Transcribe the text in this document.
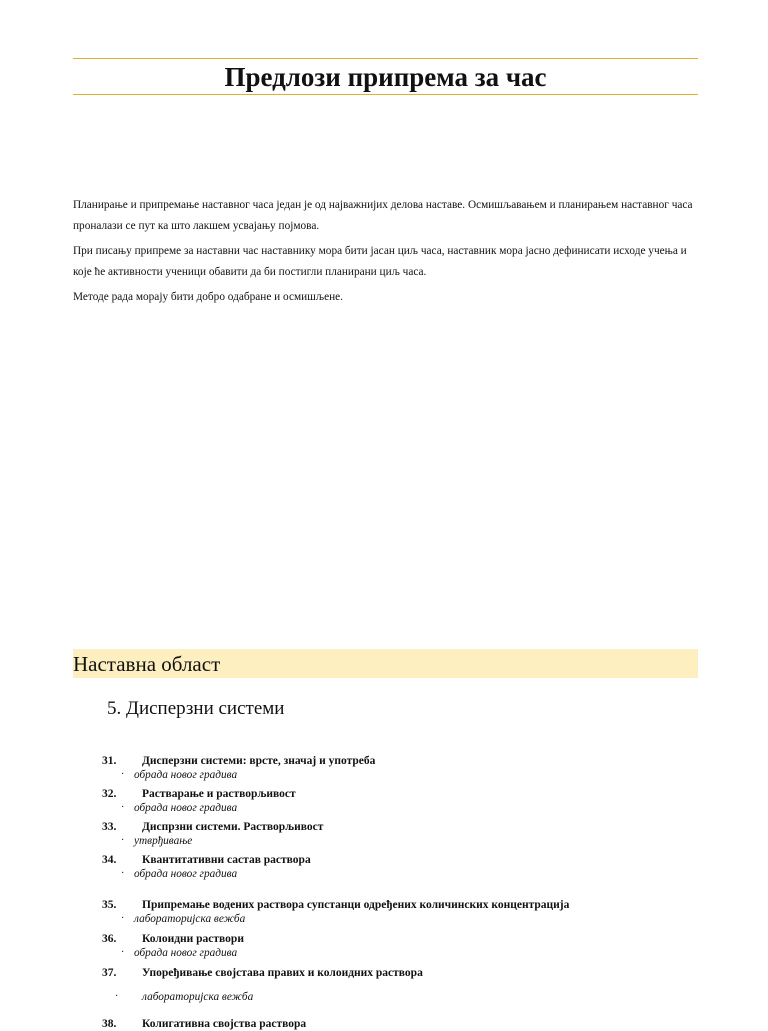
Предлози припрема за час

Планирање и припремање наставног часа један је од најважнијих делова наставе. Осмишљавањем и планирањем наставног часа проналази се пут ка што лакшем усвајању појмова.

При писању припреме за наставни час наставнику мора бити јасан циљ часа, наставник мора јасно дефинисати исходе учења и које ће активности ученици обавити да би постигли планирани циљ часа.

Методе рада морају бити добро одабране и осмишљене.

Наставна област
5. Дисперзни системи
31. Дисперзни системи: врсте, значај и употреба
· обрада новог градива
32. Растварање и растворљивост
· обрада новог градива
33. Диспрзни системи. Растворљивост
· утврђивање
34. Квантитативни састав раствора
· обрада новог градива
35. Припремање водених раствора супстанци одређених количинских концентрација
· лабораторијска вежба
36. Колоидни раствори
· обрада новог градива
37. Упоређивање својстава правих и колоидних раствора
· лабораторијска вежба
38. Колигативна својства раствора
